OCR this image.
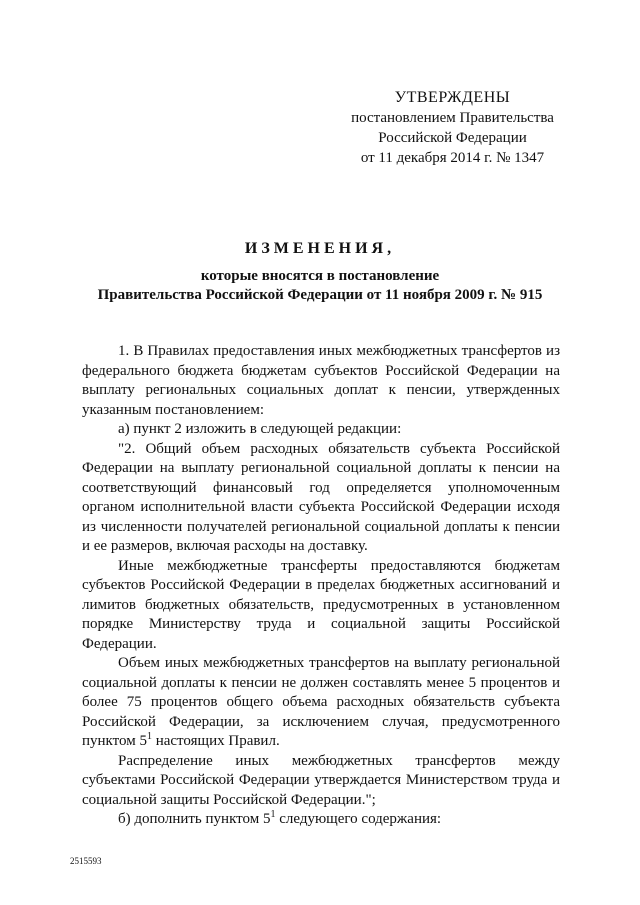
УТВЕРЖДЕНЫ
постановлением Правительства
Российской Федерации
от 11 декабря 2014 г. № 1347
ИЗМЕНЕНИЯ,
которые вносятся в постановление
Правительства Российской Федерации от 11 ноября 2009 г. № 915

1. В Правилах предоставления иных межбюджетных трансфертов из федерального бюджета бюджетам субъектов Российской Федерации на выплату региональных социальных доплат к пенсии, утвержденных указанным постановлением:

а) пункт 2 изложить в следующей редакции:

"2. Общий объем расходных обязательств субъекта Российской Федерации на выплату региональной социальной доплаты к пенсии на соответствующий финансовый год определяется уполномоченным органом исполнительной власти субъекта Российской Федерации исходя из численности получателей региональной социальной доплаты к пенсии и ее размеров, включая расходы на доставку.

Иные межбюджетные трансферты предоставляются бюджетам субъектов Российской Федерации в пределах бюджетных ассигнований и лимитов бюджетных обязательств, предусмотренных в установленном порядке Министерству труда и социальной защиты Российской Федерации.

Объем иных межбюджетных трансфертов на выплату региональной социальной доплаты к пенсии не должен составлять менее 5 процентов и более 75 процентов общего объема расходных обязательств субъекта Российской Федерации, за исключением случая, предусмотренного пунктом $5^1$ настоящих Правил.

Распределение иных межбюджетных трансфертов между субъектами Российской Федерации утверждается Министерством труда и социальной защиты Российской Федерации.";

б) дополнить пунктом $5^1$ следующего содержания:

2515593
